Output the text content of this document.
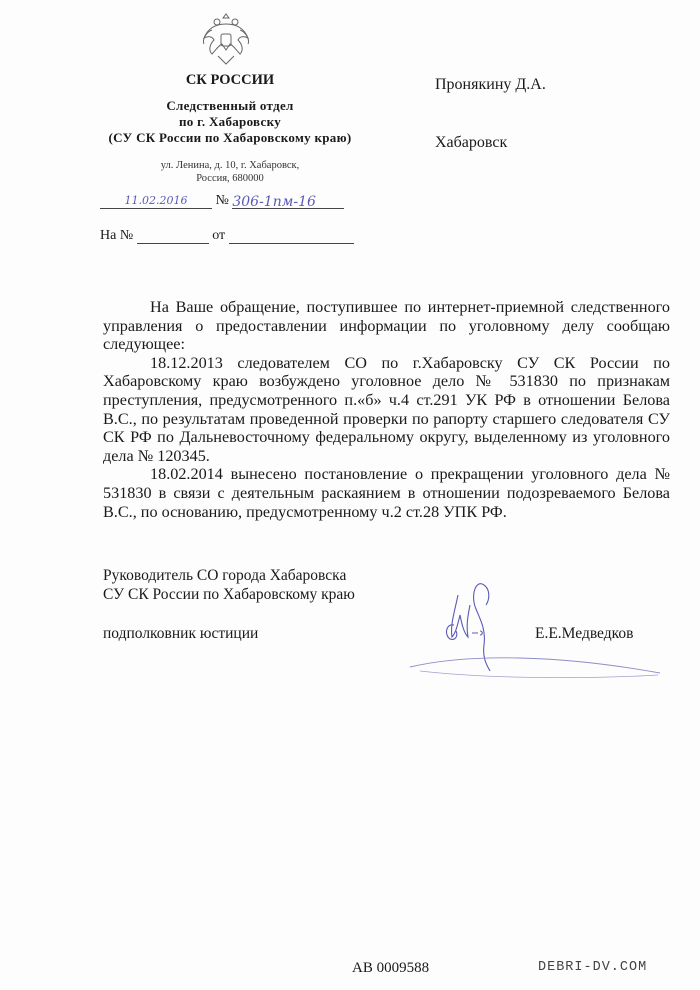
СК РОССИИ
Следственный отдел
по г. Хабаровску
(СУ СК России по Хабаровскому краю)
ул. Ленина, д. 10, г. Хабаровск,
Россия, 680000
11.02.2016 № 306-1пм-16
На №	от
Пронякину Д.А.
Хабаровск

На Ваше обращение, поступившее по интернет-приемной следственного управления о предоставлении информации по уголовному делу сообщаю следующее:

18.12.2013 следователем СО по г.Хабаровску СУ СК России по Хабаровскому краю возбуждено уголовное дело № 531830 по признакам преступления, предусмотренного п.«б» ч.4 ст.291 УК РФ в отношении Белова В.С., по результатам проведенной проверки по рапорту старшего следователя СУ СК РФ по Дальневосточному федеральному округу, выделенному из уголовного дела № 120345.

18.02.2014 вынесено постановление о прекращении уголовного дела № 531830 в связи с деятельным раскаянием в отношении подозреваемого Белова В.С., по основанию, предусмотренному ч.2 ст.28 УПК РФ.

Руководитель СО города Хабаровска
СУ СК России по Хабаровскому краю
подполковник юстиции	Е.Е.Медведков
АВ 0009588	DEBRI-DV.COM
